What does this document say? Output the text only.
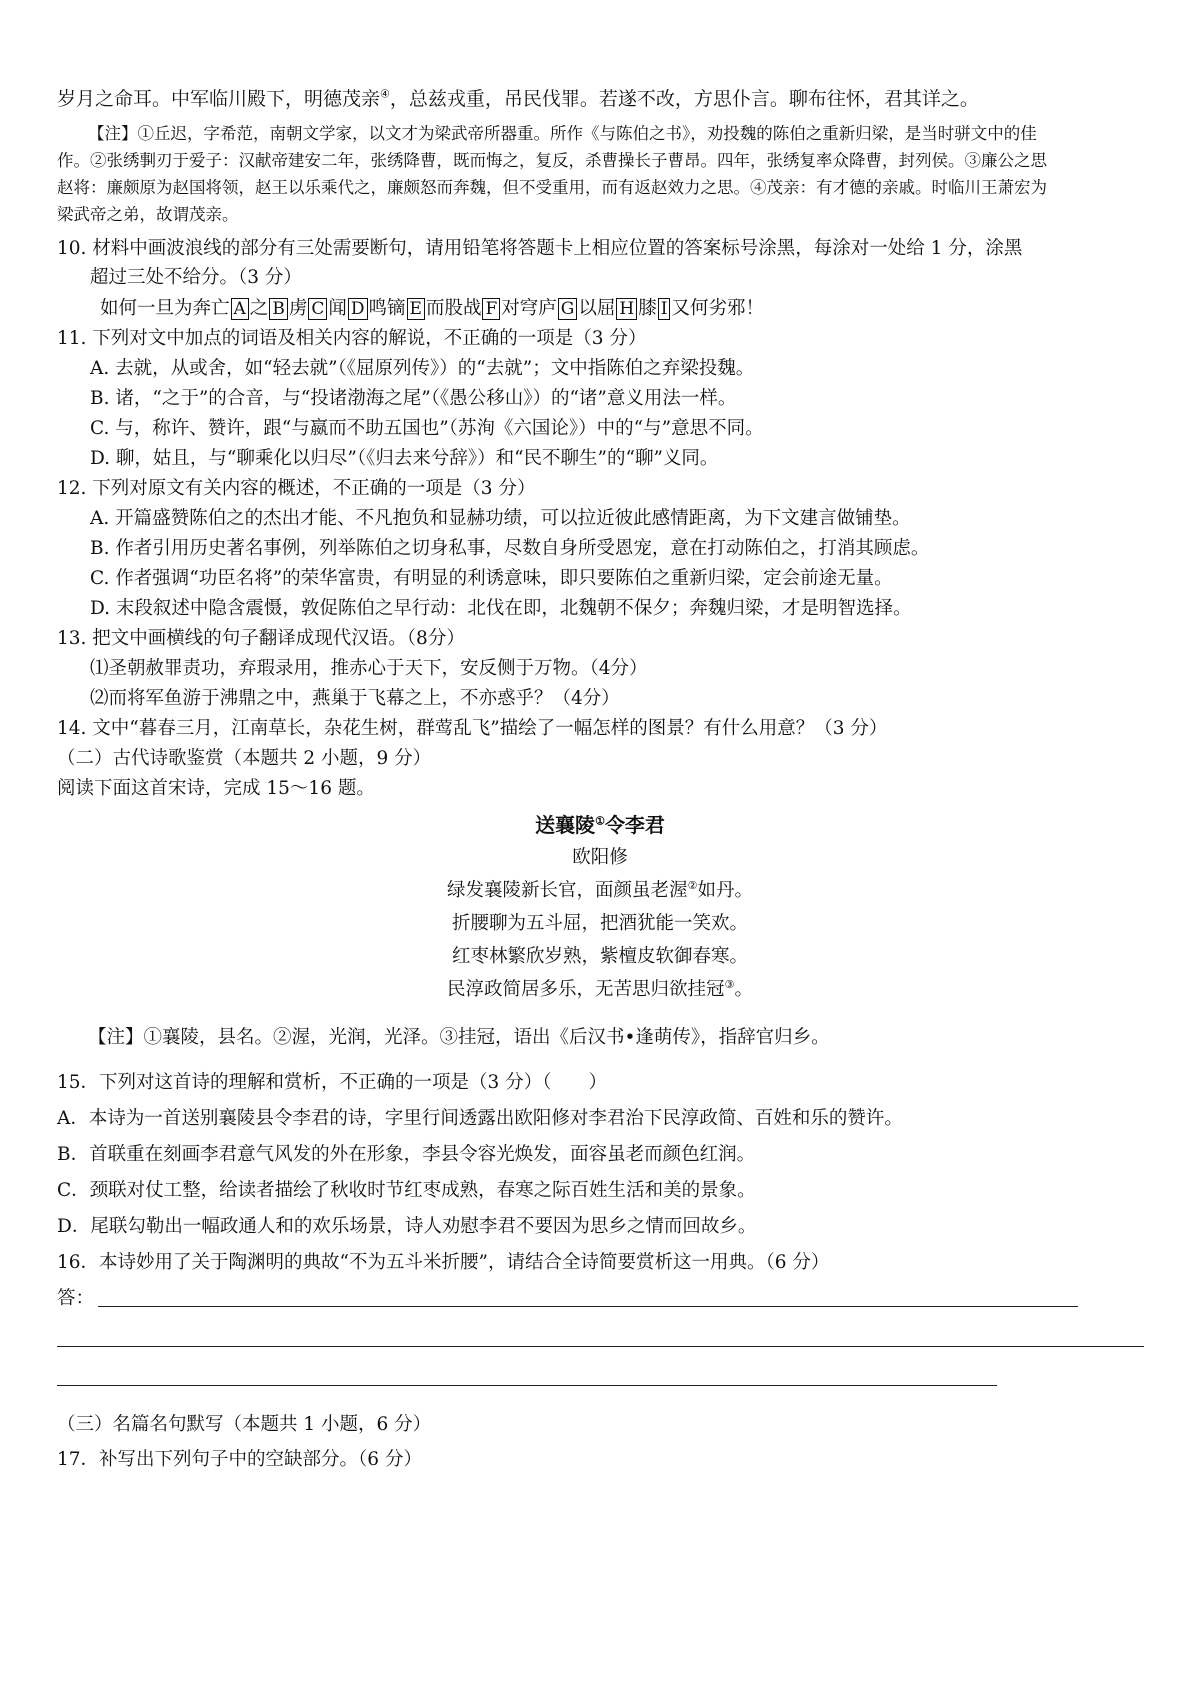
岁月之命耳。中军临川殿下，明德茂亲④，总兹戎重，吊民伐罪。若遂不改，方思仆言。聊布往怀，君其详之。
【注】①丘迟，字希范，南朝文学家，以文才为梁武帝所器重。所作《与陈伯之书》，劝投魏的陈伯之重新归梁，是当时骈文中的佳
作。②张绣剚刃于爱子：汉献帝建安二年，张绣降曹，既而悔之，复反，杀曹操长子曹昂。四年，张绣复率众降曹，封列侯。③廉公之思
赵将：廉颇原为赵国将领，赵王以乐乘代之，廉颇怒而奔魏，但不受重用，而有返赵效力之思。④茂亲：有才德的亲戚。时临川王萧宏为
梁武帝之弟，故谓茂亲。
10. 材料中画波浪线的部分有三处需要断句，请用铅笔将答题卡上相应位置的答案标号涂黑，每涂对一处给 1 分，涂黑
超过三处不给分。（3 分）
如何一旦为奔亡 A 之 B 虏 C 闻 D 鸣镝 E 而股战 F 对穹庐 G 以屈 H 膝 I 又何劣邪！
11. 下列对文中加点的词语及相关内容的解说，不正确的一项是（3 分）
A. 去就，从或舍，如“轻去就”（《屈原列传》）的“去就”；文中指陈伯之弃梁投魏。
B. 诸，“之于”的合音，与“投诸渤海之尾”（《愚公移山》）的“诸”意义用法一样。
C. 与，称许、赞许，跟“与嬴而不助五国也”（苏洵《六国论》）中的“与”意思不同。
D. 聊，姑且，与“聊乘化以归尽”（《归去来兮辞》）和“民不聊生”的“聊”义同。
12. 下列对原文有关内容的概述，不正确的一项是（3 分）
A. 开篇盛赞陈伯之的杰出才能、不凡抱负和显赫功绩，可以拉近彼此感情距离，为下文建言做铺垫。
B. 作者引用历史著名事例，列举陈伯之切身私事，尽数自身所受恩宠，意在打动陈伯之，打消其顾虑。
C. 作者强调“功臣名将”的荣华富贵，有明显的利诱意味，即只要陈伯之重新归梁，定会前途无量。
D. 末段叙述中隐含震慑，敦促陈伯之早行动：北伐在即，北魏朝不保夕；奔魏归梁，才是明智选择。
13. 把文中画横线的句子翻译成现代汉语。（8分）
⑴圣朝赦罪责功，弃瑕录用，推赤心于天下，安反侧于万物。（4分）
⑵而将军鱼游于沸鼎之中，燕巢于飞幕之上，不亦惑乎？（4分）
14. 文中“暮春三月，江南草长，杂花生树，群莺乱飞”描绘了一幅怎样的图景？有什么用意？（3 分）
（二）古代诗歌鉴赏（本题共 2 小题，9 分）
阅读下面这首宋诗，完成 15～16 题。
送襄陵①令李君
欧阳修
绿发襄陵新长官，面颜虽老渥②如丹。
折腰聊为五斗屈，把酒犹能一笑欢。
红枣林繁欣岁熟，紫檀皮软御春寒。
民淳政简居多乐，无苦思归欲挂冠③。
【注】①襄陵，县名。②渥，光润，光泽。③挂冠，语出《后汉书•逢萌传》，指辞官归乡。
15．下列对这首诗的理解和赏析，不正确的一项是（3 分）（　　）
A．本诗为一首送别襄陵县令李君的诗，字里行间透露出欧阳修对李君治下民淳政简、百姓和乐的赞许。
B．首联重在刻画李君意气风发的外在形象，李县令容光焕发，面容虽老而颜色红润。
C．颈联对仗工整，给读者描绘了秋收时节红枣成熟，春寒之际百姓生活和美的景象。
D．尾联勾勒出一幅政通人和的欢乐场景，诗人劝慰李君不要因为思乡之情而回故乡。
16．本诗妙用了关于陶渊明的典故“不为五斗米折腰”，请结合全诗简要赏析这一用典。（6 分）
答：
（三）名篇名句默写（本题共 1 小题，6 分）
17．补写出下列句子中的空缺部分。（6 分）
